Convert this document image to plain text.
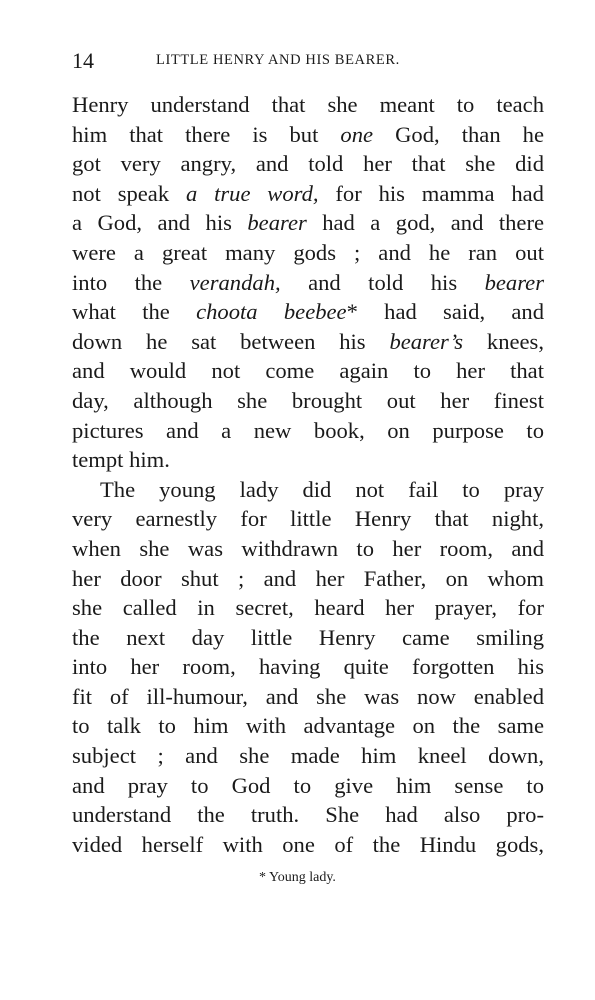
14	LITTLE HENRY AND HIS BEARER.
Henry understand that she meant to teach
him that there is but one God, than he
got very angry, and told her that she did
not speak a true word, for his mamma had
a God, and his bearer had a god, and there
were a great many gods ; and he ran out
into the verandah, and told his bearer
what the choota beebee* had said, and
down he sat between his bearer’s knees,
and would not come again to her that
day, although she brought out her finest
pictures and a new book, on purpose to
tempt him.
The young lady did not fail to pray
very earnestly for little Henry that night,
when she was withdrawn to her room, and
her door shut ; and her Father, on whom
she called in secret, heard her prayer, for
the next day little Henry came smiling
into her room, having quite forgotten his
fit of ill-humour, and she was now enabled
to talk to him with advantage on the same
subject ; and she made him kneel down,
and pray to God to give him sense to
understand the truth. She had also pro-
vided herself with one of the Hindu gods,
* Young lady.
